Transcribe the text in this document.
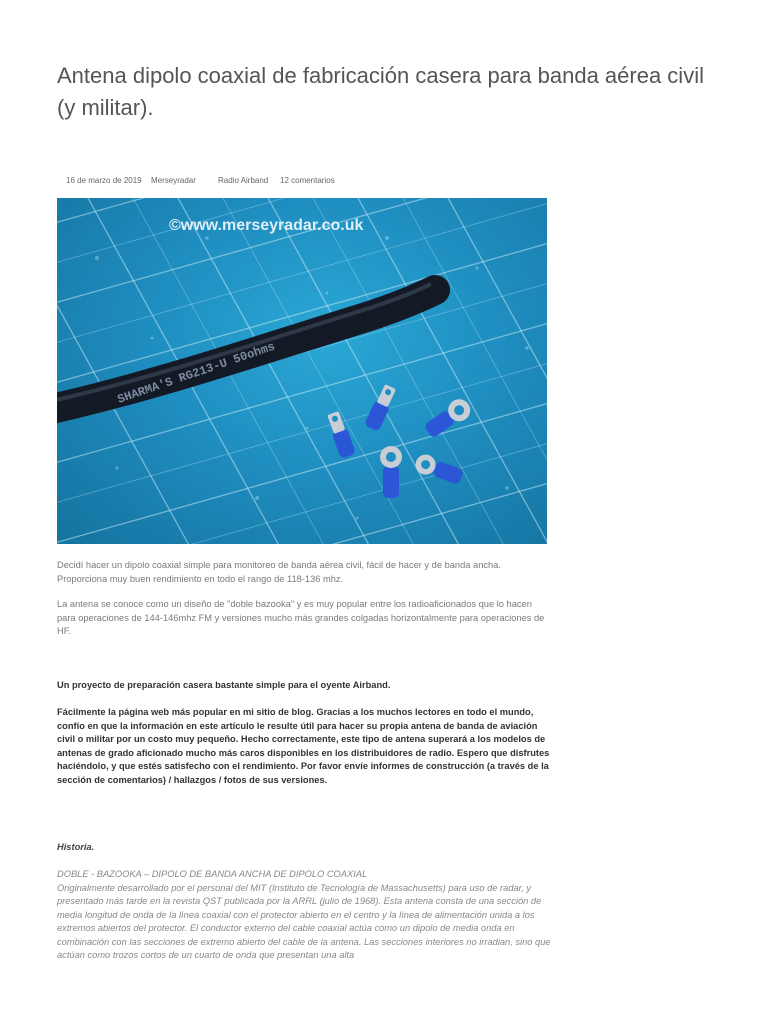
Antena dipolo coaxial de fabricación casera para banda aérea civil (y militar).
16 de marzo de 2019 Merseyradar	Radio Airband 12 comentarios
©www.merseyradar.co.uk
SHARMA'S RG213-U 50ohms

Decidí hacer un dipolo coaxial simple para monitoreo de banda aérea civil, fácil de hacer y de banda ancha. Proporciona muy buen rendimiento en todo el rango de 118-136 mhz.

La antena se conoce como un diseño de "doble bazooka" y es muy popular entre los radioaficionados que lo hacen para operaciones de 144-146mhz FM y versiones mucho más grandes colgadas horizontalmente para operaciones de HF.

Un proyecto de preparación casera bastante simple para el oyente Airband.

Fácilmente la página web más popular en mi sitio de blog. Gracias a los muchos lectores en todo el mundo, confío en que la información en este artículo le resulte útil para hacer su propia antena de banda de aviación civil o militar por un costo muy pequeño. Hecho correctamente, este tipo de antena superará a los modelos de antenas de grado aficionado mucho más caros disponibles en los distribuidores de radio. Espero que disfrutes haciéndolo, y que estés satisfecho con el rendimiento. Por favor envíe informes de construcción (a través de la sección de comentarios) / hallazgos / fotos de sus versiones.

Historia.

DOBLE - BAZOOKA – DIPOLO DE BANDA ANCHA DE DIPOLO COAXIAL
Originalmente desarrollado por el personal del MIT (Instituto de Tecnología de Massachusetts) para uso de radar, y presentado más tarde en la revista QST publicada por la ARRL (julio de 1968). Esta antena consta de una sección de media longitud de onda de la línea coaxial con el protector abierto en el centro y la línea de alimentación unida a los extremos abiertos del protector. El conductor externo del cable coaxial actúa como un dipolo de media onda en combinación con las secciones de extremo abierto del cable de la antena. Las secciones interiores no irradian, sino que actúan como trozos cortos de un cuarto de onda que presentan una alta
